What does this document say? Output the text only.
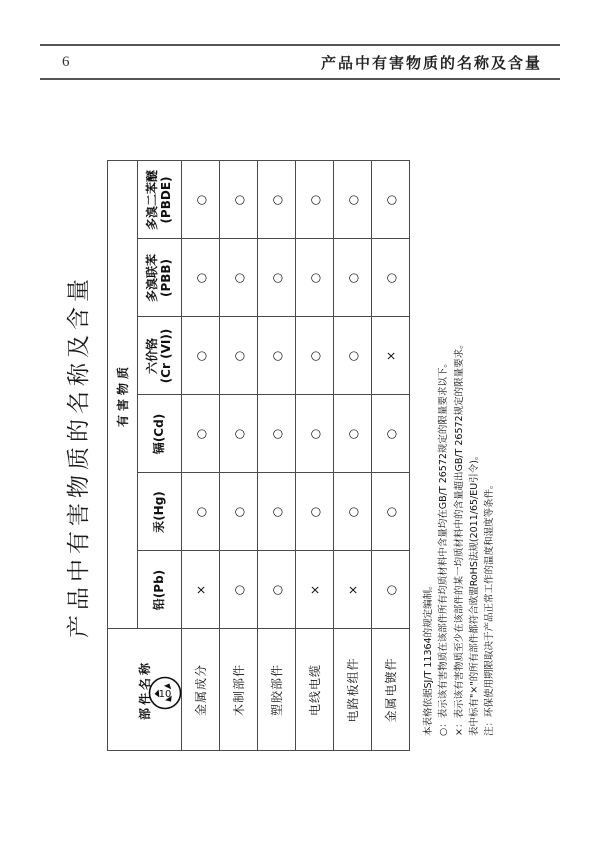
6	产品中有害物质的名称及含量
产品中有害物质的名称及含量
部件名称	有害物质					
	铅(Pb)	汞(Hg)	镉(Cd)	六价铬 (Cr (VI))	多溴联苯 (PBB)	多溴二苯醚 (PBDE)

金属成分	×	○	○	○	○	○
木制部件	○	○	○	○	○	○
塑胶部件	○	○	○	○	○	○
电线电缆	×	○	○	○	○	○
电路板组件	×	○	○	○	○	○
金属电镀件	○	○	○	×	○	○

本表格依据SJ/T 11364的规定编制。 ○：表示该有害物质在该部件所有均质材料中含量均在GB/T 26572规定的限量要求以下。 ×：表示该有害物质至少在该部件的某一均质材料中的含量超出GB/T 26572规定的限量要求。 表中标有"×"的所有部件都符合欧盟RoHS法规(2011/65/EU引令)。 注：环保使用期限取决于产品正常工作的温度和湿度等条件。

10
